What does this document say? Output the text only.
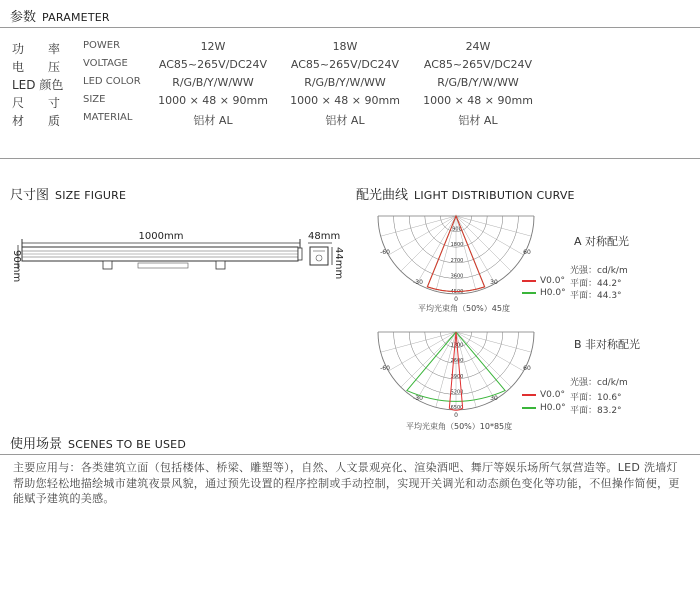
参数 PARAMETER
功　　率	POWER	12W	18W	24W
电　　压	VOLTAGE	AC85~265V/DC24V	AC85~265V/DC24V	AC85~265V/DC24V
LED 颜色	LED COLOR	R/G/B/Y/W/WW	R/G/B/Y/W/WW	R/G/B/Y/W/WW
尺　　寸	SIZE	1000 × 48 × 90mm	1000 × 48 × 90mm	1000 × 48 × 90mm
材　　质	MATERIAL	铝材 AL	铝材 AL	铝材 AL
尺寸图 SIZE FIGURE
1000mm
90mm
48mm
44mm
配光曲线 LIGHT DISTRIBUTION CURVE
900
1800
2700
3600
4500
-60	60
-30	30
0
平均光束角（50%）45度
A 对称配光
光强：cd/k/m
V0.0° 平面：44.2°
H0.0° 平面：44.3°
1300
2600
3900
5200
6500
-60	60
-30	30
0
平均光束角（50%）10*85度
B 非对称配光
光强：cd/k/m
V0.0° 平面：10.6°
H0.0° 平面：83.2°
使用场景 SCENES TO BE USED
主要应用与：各类建筑立面（包括楼体、桥梁、雕塑等），自然、人文景观亮化、渲染酒吧、舞厅等娱乐场所气氛营造等。LED 洗墙灯帮助您轻松地描绘城市建筑夜景风貌，通过预先设置的程序控制或手动控制，实现开关调光和动态颜色变化等功能，不但操作简便，更能赋予建筑的美感。
